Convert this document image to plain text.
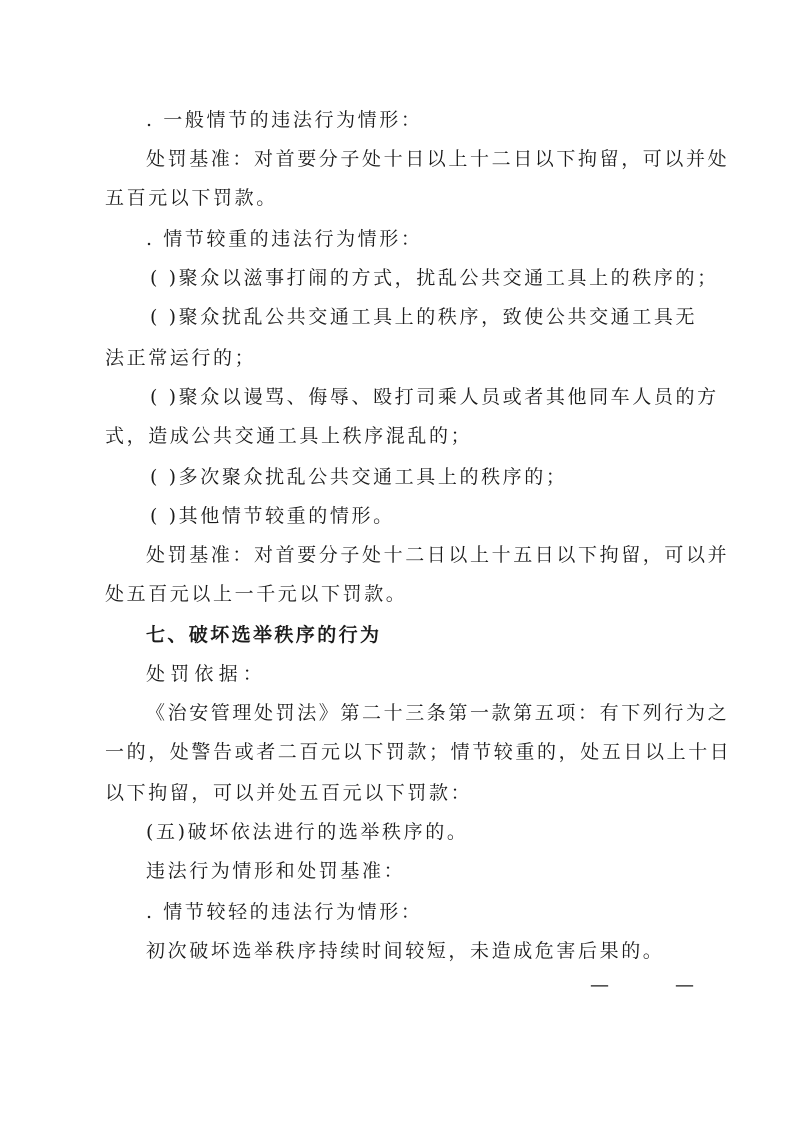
. 一般情节的违法行为情形：

处罚基准：对首要分子处十日以上十二日以下拘留，可以并处

五百元以下罚款。

. 情节较重的违法行为情形：

( )聚众以滋事打闹的方式，扰乱公共交通工具上的秩序的；

( )聚众扰乱公共交通工具上的秩序，致使公共交通工具无

法正常运行的；

( )聚众以谩骂、侮辱、殴打司乘人员或者其他同车人员的方

式，造成公共交通工具上秩序混乱的；

( )多次聚众扰乱公共交通工具上的秩序的；

( )其他情节较重的情形。

处罚基准：对首要分子处十二日以上十五日以下拘留，可以并

处五百元以上一千元以下罚款。

七、破坏选举秩序的行为

处罚依据：

《治安管理处罚法》第二十三条第一款第五项：有下列行为之

一的，处警告或者二百元以下罚款；情节较重的，处五日以上十日

以下拘留，可以并处五百元以下罚款：

(五)破坏依法进行的选举秩序的。

违法行为情形和处罚基准：

. 情节较轻的违法行为情形：

初次破坏选举秩序持续时间较短，未造成危害后果的。

— —
